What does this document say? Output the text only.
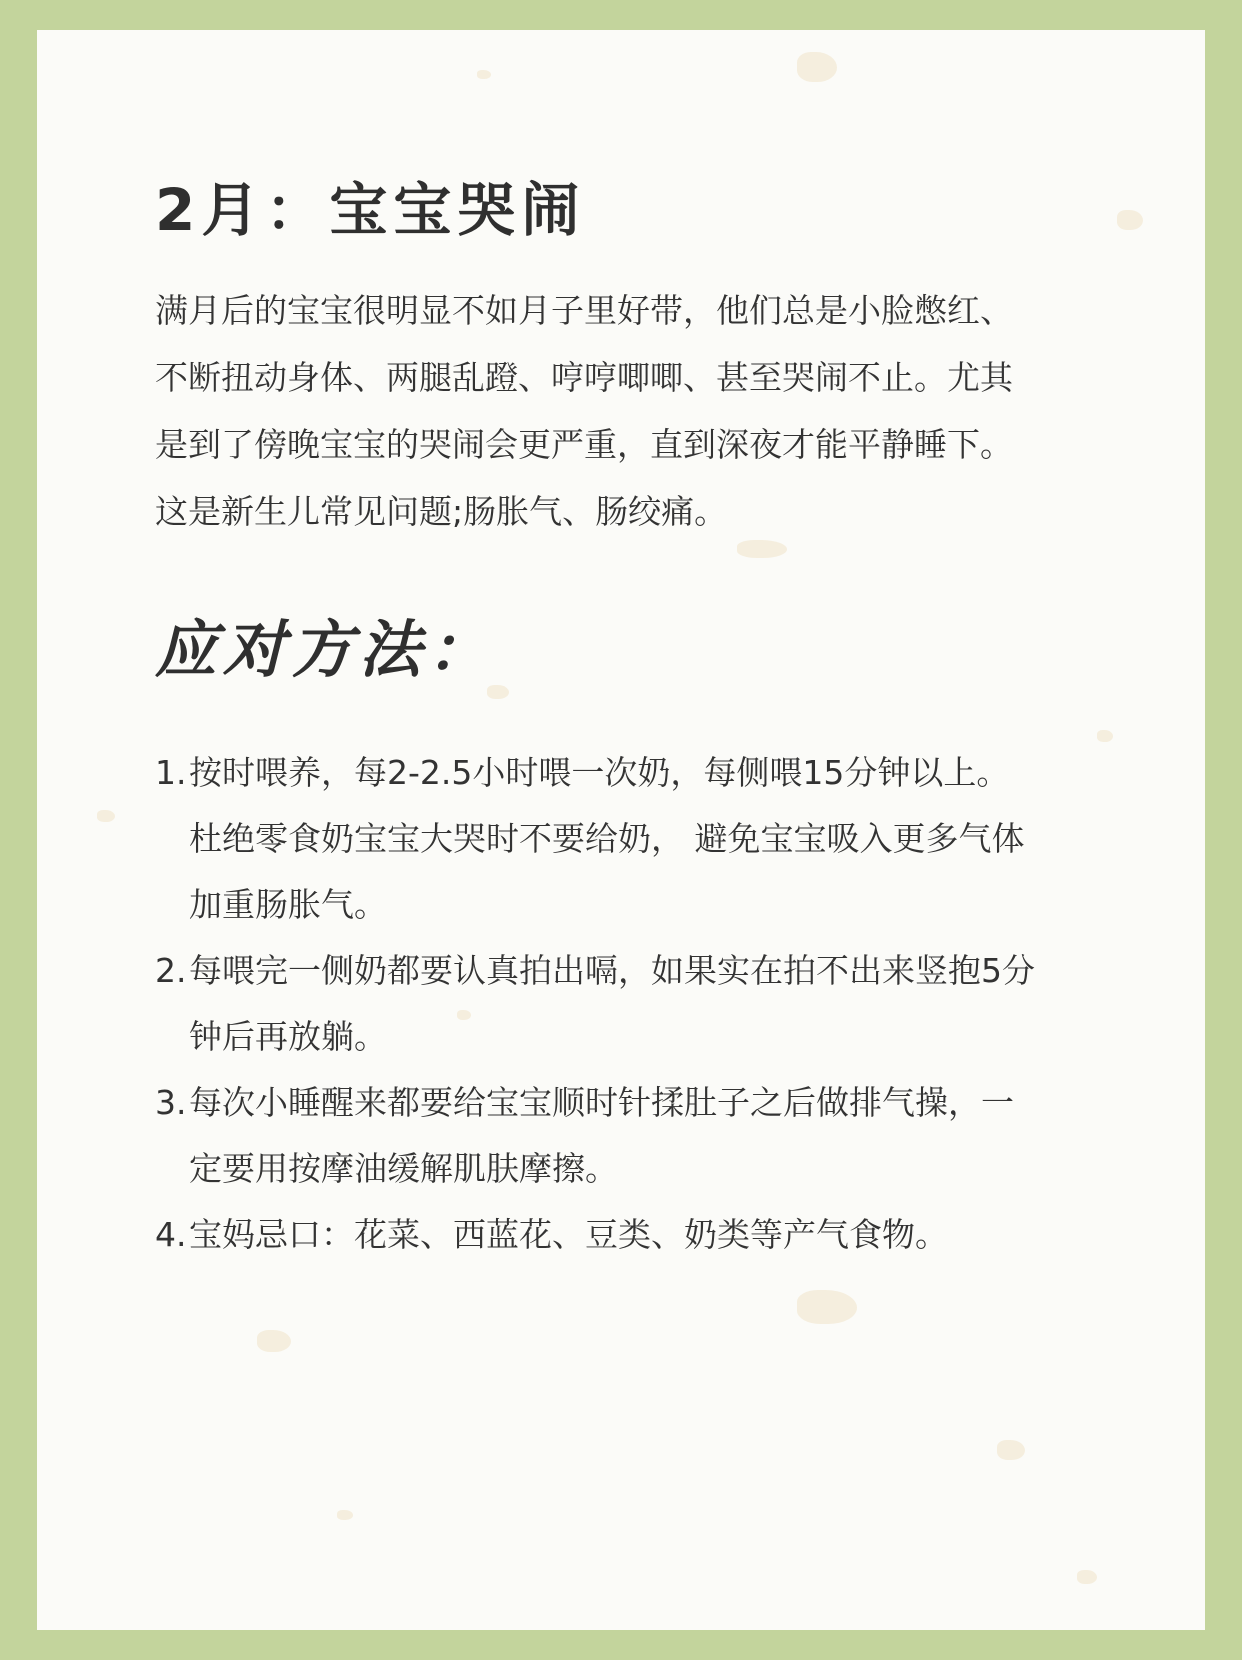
2月：宝宝哭闹

满月后的宝宝很明显不如月子里好带，他们总是小脸憋红、
不断扭动身体、两腿乱蹬、哼哼唧唧、甚至哭闹不止。尤其
是到了傍晚宝宝的哭闹会更严重，直到深夜才能平静睡下。
这是新生儿常见问题;肠胀气、肠绞痛。

应对方法：
1. 按时喂养，每2-2.5小时喂一次奶，每侧喂15分钟以上。
杜绝零食奶宝宝大哭时不要给奶， 避免宝宝吸入更多气体
加重肠胀气。
2. 每喂完一侧奶都要认真拍出嗝，如果实在拍不出来竖抱5分
钟后再放躺。
3. 每次小睡醒来都要给宝宝顺时针揉肚子之后做排气操，一
定要用按摩油缓解肌肤摩擦。
4. 宝妈忌口：花菜、西蓝花、豆类、奶类等产气食物。
